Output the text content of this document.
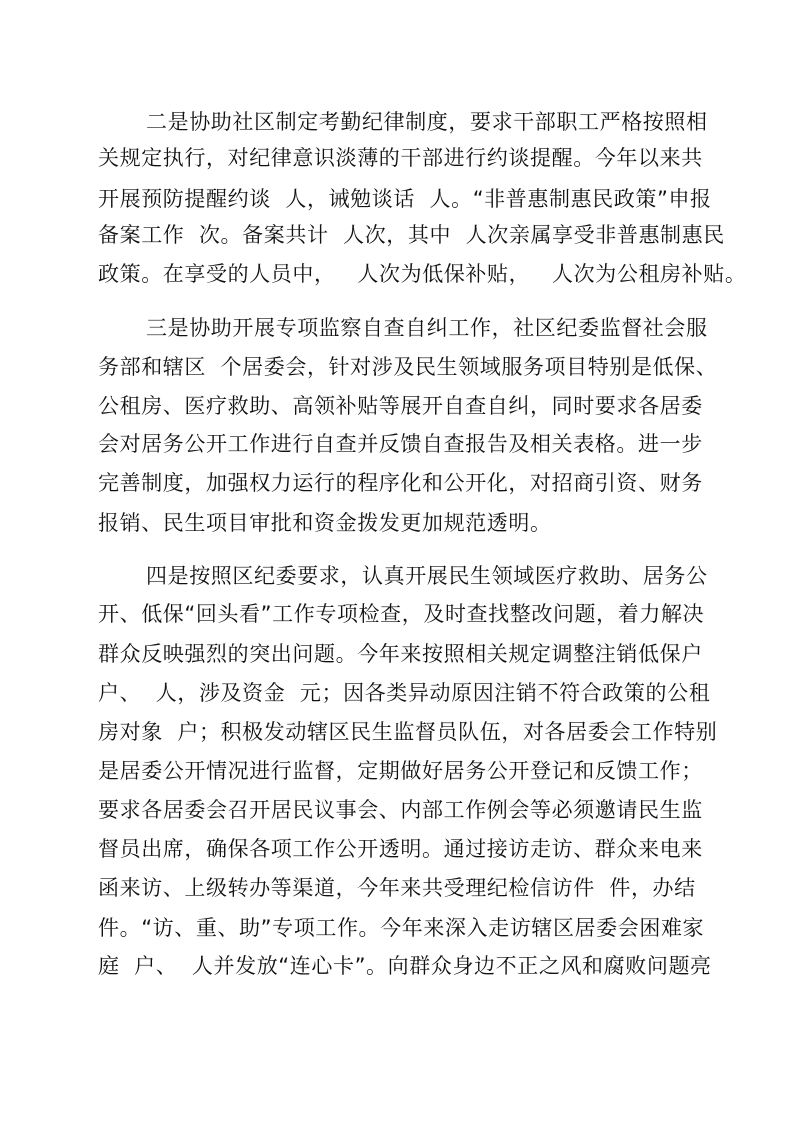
二是协助社区制定考勤纪律制度，要求干部职工严格按照相
关规定执行，对纪律意识淡薄的干部进行约谈提醒。今年以来共
开展预防提醒约谈  人，诫勉谈话  人。“非普惠制惠民政策”申报
备案工作  次。备案共计  人次，其中  人次亲属享受非普惠制惠民
政策。在享受的人员中，   人次为低保补贴，   人次为公租房补贴。
三是协助开展专项监察自查自纠工作，社区纪委监督社会服
务部和辖区  个居委会，针对涉及民生领域服务项目特别是低保、
公租房、医疗救助、高领补贴等展开自查自纠，同时要求各居委
会对居务公开工作进行自查并反馈自查报告及相关表格。进一步
完善制度，加强权力运行的程序化和公开化，对招商引资、财务
报销、民生项目审批和资金拨发更加规范透明。
四是按照区纪委要求，认真开展民生领域医疗救助、居务公
开、低保“回头看”工作专项检查，及时查找整改问题，着力解决
群众反映强烈的突出问题。今年来按照相关规定调整注销低保户
户、  人，涉及资金  元；因各类异动原因注销不符合政策的公租
房对象  户；积极发动辖区民生监督员队伍，对各居委会工作特别
是居委公开情况进行监督，定期做好居务公开登记和反馈工作；
要求各居委会召开居民议事会、内部工作例会等必须邀请民生监
督员出席，确保各项工作公开透明。通过接访走访、群众来电来
函来访、上级转办等渠道，今年来共受理纪检信访件  件，办结
件。“访、重、助”专项工作。今年来深入走访辖区居委会困难家
庭  户、  人并发放“连心卡”。向群众身边不正之风和腐败问题亮
